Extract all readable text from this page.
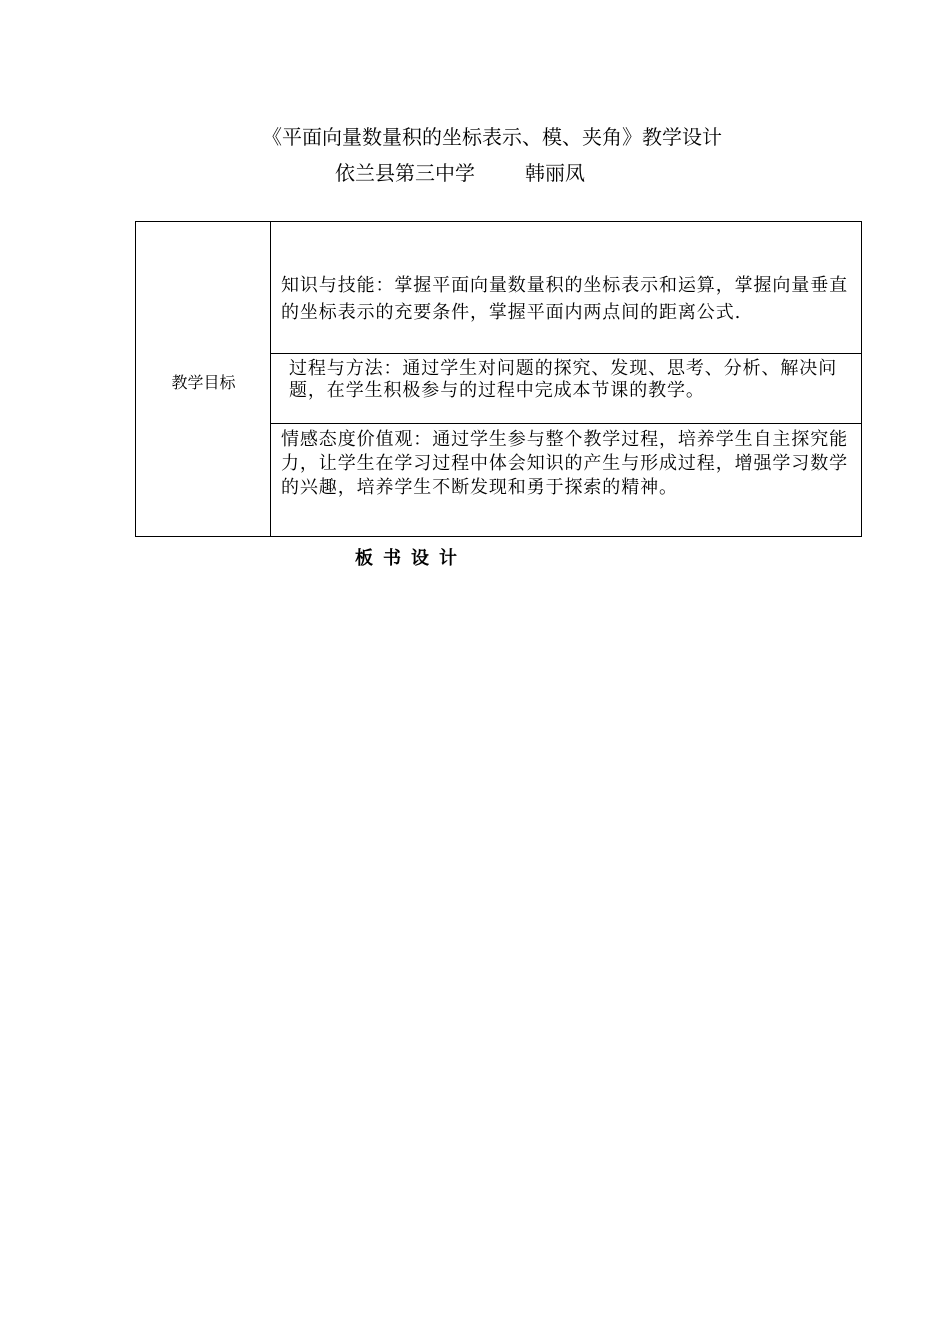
《平面向量数量积的坐标表示、模、夹角》教学设计
依兰县第三中学	韩丽凤
教学目标
知识与技能：掌握平面向量数量积的坐标表示和运算，掌握向量垂直的坐标表示的充要条件，掌握平面内两点间的距离公式.
过程与方法：通过学生对问题的探究、发现、思考、分析、解决问题，在学生积极参与的过程中完成本节课的教学。
情感态度价值观：通过学生参与整个教学过程，培养学生自主探究能力，让学生在学习过程中体会知识的产生与形成过程，增强学习数学的兴趣，培养学生不断发现和勇于探索的精神。
板书设计
